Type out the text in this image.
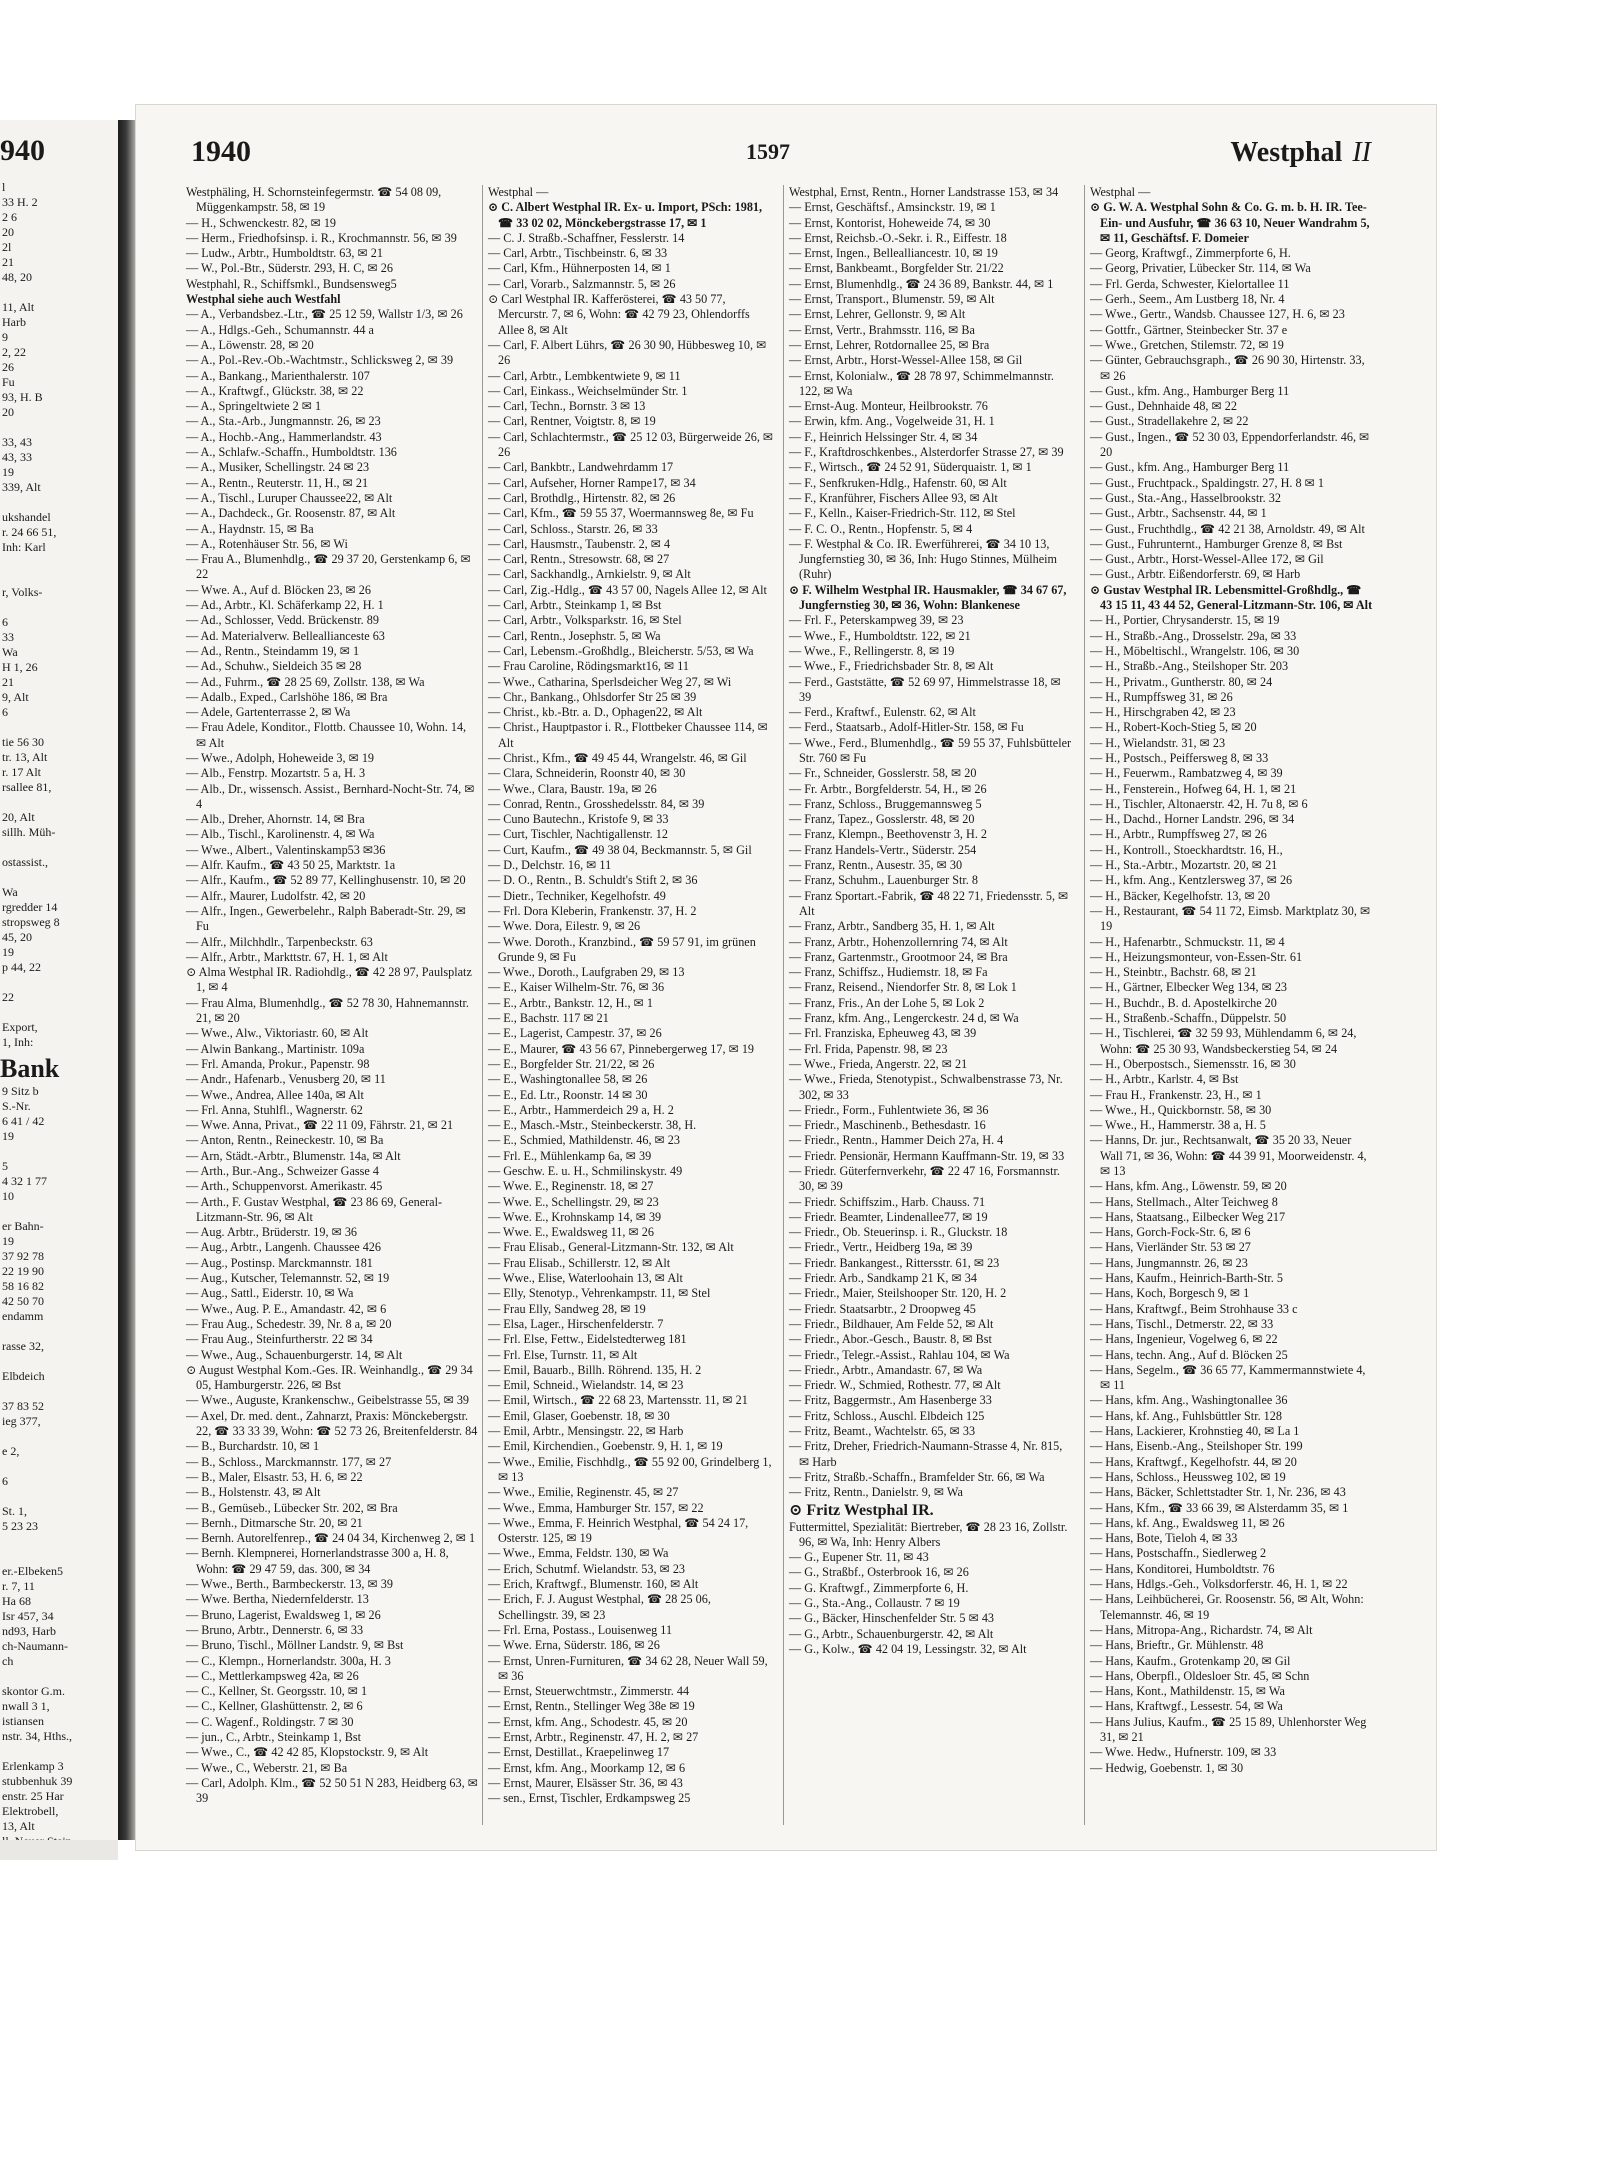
940
l
33 H. 2
2 6
20
2l
21
48, 20
11, Alt
Harb
9
2, 22
26
Fu
93, H. B
20
33, 43
43, 33
19
339, Alt
ukshandel
r. 24 66 51,
Inh: Karl
r, Volks-
6
33
Wa
H 1, 26
21
9, Alt
6
tie 56 30
tr. 13, Alt
r. 17 Alt
rsallee 81,
20, Alt
sillh. Müh-
ostassist.,
Wa
rgredder 14
stropsweg 8
45, 20
19
p 44, 22
22
Export,
1, Inh:
Bank
9 Sitz b
S.-Nr.
6 41 / 42
19
5
4 32 1 77
10
er Bahn-
19
37 92 78
22 19 90
58 16 82
42 50 70
endamm
rasse 32,
Elbdeich
37 83 52
ieg 377,
e 2,
6
St. 1,
5 23 23
er.-Elbeken5
r. 7, 11
Ha 68
Isr 457, 34
nd93, Harb
ch-Naumann-
ch
skontor G.m.
nwall 3 1,
istiansen
nstr. 34, Hths.,
Erlenkamp 3
stubbenhuk 39
enstr. 25 Har
Elektrobell,
13, Alt
1940	1597	Westphal II

Westphäling, H. Schornsteinfegermstr. ☎ 54 08 09, Müggenkampstr. 58, ✉ 19

— H., Schwenckestr. 82, ✉ 19

— Herm., Friedhofsinsp. i. R., Krochmannstr. 56, ✉ 39

— Ludw., Arbtr., Humboldtstr. 63, ✉ 21

— W., Pol.-Btr., Süderstr. 293, H. C, ✉ 26

Westphahl, R., Schiffsmkl., Bundsensweg5

Westphal siehe auch Westfahl

— A., Verbandsbez.-Ltr., ☎ 25 12 59, Wallstr 1/3, ✉ 26

— A., Hdlgs.-Geh., Schumannstr. 44 a

— A., Löwenstr. 28, ✉ 20

— A., Pol.-Rev.-Ob.-Wachtmstr., Schlicksweg 2, ✉ 39

— A., Bankang., Marienthalerstr. 107

— A., Kraftwgf., Glückstr. 38, ✉ 22

— A., Springeltwiete 2 ✉ 1

— A., Sta.-Arb., Jungmannstr. 26, ✉ 23

— A., Hochb.-Ang., Hammerlandstr. 43

— A., Schlafw.-Schaffn., Humboldtstr. 136

— A., Musiker, Schellingstr. 24 ✉ 23

— A., Rentn., Reuterstr. 11, H., ✉ 21

— A., Tischl., Luruper Chaussee22, ✉ Alt

— A., Dachdeck., Gr. Roosenstr. 87, ✉ Alt

— A., Haydnstr. 15, ✉ Ba

— A., Rotenhäuser Str. 56, ✉ Wi

— Frau A., Blumenhdlg., ☎ 29 37 20, Gerstenkamp 6, ✉ 22

— Wwe. A., Auf d. Blöcken 23, ✉ 26

— Ad., Arbtr., Kl. Schäferkamp 22, H. 1

— Ad., Schlosser, Vedd. Brückenstr. 89

— Ad. Materialverw. Belleallianceste 63

— Ad., Rentn., Steindamm 19, ✉ 1

— Ad., Schuhw., Sieldeich 35 ✉ 28

— Ad., Fuhrm., ☎ 28 25 69, Zollstr. 138, ✉ Wa

— Adalb., Exped., Carlshöhe 186, ✉ Bra

— Adele, Gartenterrasse 2, ✉ Wa

— Frau Adele, Konditor., Flottb. Chaussee 10, Wohn. 14, ✉ Alt

— Wwe., Adolph, Hoheweide 3, ✉ 19

— Alb., Fenstrp. Mozartstr. 5 a, H. 3

— Alb., Dr., wissensch. Assist., Bernhard-Nocht-Str. 74, ✉ 4

— Alb., Dreher, Ahornstr. 14, ✉ Bra

— Alb., Tischl., Karolinenstr. 4, ✉ Wa

— Wwe., Albert., Valentinskamp53 ✉36

— Alfr. Kaufm., ☎ 43 50 25, Marktstr. 1a

— Alfr., Kaufm., ☎ 52 89 77, Kellinghusenstr. 10, ✉ 20

— Alfr., Maurer, Ludolfstr. 42, ✉ 20

— Alfr., Ingen., Gewerbelehr., Ralph Baberadt-Str. 29, ✉ Fu

— Alfr., Milchhdlr., Tarpenbeckstr. 63

— Alfr., Arbtr., Markttstr. 67, H. 1, ✉ Alt

⊙ Alma Westphal IR. Radiohdlg., ☎ 42 28 97, Paulsplatz 1, ✉ 4

— Frau Alma, Blumenhdlg., ☎ 52 78 30, Hahnemannstr. 21, ✉ 20

— Wwe., Alw., Viktoriastr. 60, ✉ Alt

— Alwin Bankang., Martinistr. 109a

— Frl. Amanda, Prokur., Papenstr. 98

— Andr., Hafenarb., Venusberg 20, ✉ 11

— Wwe., Andrea, Allee 140a, ✉ Alt

— Frl. Anna, Stuhlfl., Wagnerstr. 62

— Wwe. Anna, Privat., ☎ 22 11 09, Fährstr. 21, ✉ 21

— Anton, Rentn., Reineckestr. 10, ✉ Ba

— Arn, Städt.-Arbtr., Blumenstr. 14a, ✉ Alt

— Arth., Bur.-Ang., Schweizer Gasse 4

— Arth., Schuppenvorst. Amerikastr. 45

— Arth., F. Gustav Westphal, ☎ 23 86 69, General-Litzmann-Str. 96, ✉ Alt

— Aug. Arbtr., Brüderstr. 19, ✉ 36

— Aug., Arbtr., Langenh. Chaussee 426

— Aug., Postinsp. Marckmannstr. 181

— Aug., Kutscher, Telemannstr. 52, ✉ 19

— Aug., Sattl., Eiderstr. 10, ✉ Wa

— Wwe., Aug. P. E., Amandastr. 42, ✉ 6

— Frau Aug., Schedestr. 39, Nr. 8 a, ✉ 20

— Frau Aug., Steinfurtherstr. 22 ✉ 34

— Wwe., Aug., Schauenburgerstr. 14, ✉ Alt

⊙ August Westphal Kom.-Ges. IR. Weinhandlg., ☎ 29 34 05, Hamburgerstr. 226, ✉ Bst

— Wwe., Auguste, Krankenschw., Geibelstrasse 55, ✉ 39

— Axel, Dr. med. dent., Zahnarzt, Praxis: Mönckebergstr. 22, ☎ 33 33 39, Wohn: ☎ 52 73 26, Breitenfelderstr. 84

— B., Burchardstr. 10, ✉ 1

— B., Schloss., Marckmannstr. 177, ✉ 27

— B., Maler, Elsastr. 53, H. 6, ✉ 22

— B., Holstenstr. 43, ✉ Alt

— B., Gemüseb., Lübecker Str. 202, ✉ Bra

— Bernh., Ditmarsche Str. 20, ✉ 21

— Bernh. Autorelfenrep., ☎ 24 04 34, Kirchenweg 2, ✉ 1

— Bernh. Klempnerei, Hornerlandstrasse 300 a, H. 8, Wohn: ☎ 29 47 59, das. 300, ✉ 34

— Wwe., Berth., Barmbeckerstr. 13, ✉ 39

— Wwe. Bertha, Niedernfelderstr. 13

— Bruno, Lagerist, Ewaldsweg 1, ✉ 26

— Bruno, Arbtr., Dennerstr. 6, ✉ 33

— Bruno, Tischl., Möllner Landstr. 9, ✉ Bst

— C., Klempn., Hornerlandstr. 300a, H. 3

— C., Mettlerkampsweg 42a, ✉ 26

— C., Kellner, St. Georgsstr. 10, ✉ 1

— C., Kellner, Glashüttenstr. 2, ✉ 6

— C. Wagenf., Roldingstr. 7 ✉ 30

— jun., C., Arbtr., Steinkamp 1, Bst

— Wwe., C., ☎ 42 42 85, Klopstockstr. 9, ✉ Alt

— Wwe., C., Weberstr. 21, ✉ Ba

— Carl, Adolph. Klm., ☎ 52 50 51 N 283, Heidberg 63, ✉ 39

Westphal —

⊙ C. Albert Westphal IR. Ex- u. Import, PSch: 1981, ☎ 33 02 02, Mönckebergstrasse 17, ✉ 1

— C. J. Straßb.-Schaffner, Fesslerstr. 14

— Carl, Arbtr., Tischbeinstr. 6, ✉ 33

— Carl, Kfm., Hühnerposten 14, ✉ 1

— Carl, Vorarb., Salzmannstr. 5, ✉ 26

⊙ Carl Westphal IR. Kafferösterei, ☎ 43 50 77, Mercurstr. 7, ✉ 6, Wohn: ☎ 42 79 23, Ohlendorffs Allee 8, ✉ Alt

— Carl, F. Albert Lührs, ☎ 26 30 90, Hübbesweg 10, ✉ 26

— Carl, Arbtr., Lembkentwiete 9, ✉ 11

— Carl, Einkass., Weichselmünder Str. 1

— Carl, Techn., Bornstr. 3 ✉ 13

— Carl, Rentner, Voigtstr. 8, ✉ 19

— Carl, Schlachtermstr., ☎ 25 12 03, Bürgerweide 26, ✉ 26

— Carl, Bankbtr., Landwehrdamm 17

— Carl, Aufseher, Horner Rampe17, ✉ 34

— Carl, Brothdlg., Hirtenstr. 82, ✉ 26

— Carl, Kfm., ☎ 59 55 37, Woermannsweg 8e, ✉ Fu

— Carl, Schloss., Starstr. 26, ✉ 33

— Carl, Hausmstr., Taubenstr. 2, ✉ 4

— Carl, Rentn., Stresowstr. 68, ✉ 27

— Carl, Sackhandlg., Arnkielstr. 9, ✉ Alt

— Carl, Zig.-Hdlg., ☎ 43 57 00, Nagels Allee 12, ✉ Alt

— Carl, Arbtr., Steinkamp 1, ✉ Bst

— Carl, Arbtr., Volksparkstr. 16, ✉ Stel

— Carl, Rentn., Josephstr. 5, ✉ Wa

— Carl, Lebensm.-Großhdlg., Bleicherstr. 5/53, ✉ Wa

— Frau Caroline, Rödingsmarkt16, ✉ 11

— Wwe., Catharina, Sperlsdeicher Weg 27, ✉ Wi

— Chr., Bankang., Ohlsdorfer Str 25 ✉ 39

— Christ., kb.-Btr. a. D., Ophagen22, ✉ Alt

— Christ., Hauptpastor i. R., Flottbeker Chaussee 114, ✉ Alt

— Christ., Kfm., ☎ 49 45 44, Wrangelstr. 46, ✉ Gil

— Clara, Schneiderin, Roonstr 40, ✉ 30

— Wwe., Clara, Baustr. 19a, ✉ 26

— Conrad, Rentn., Grosshedelsstr. 84, ✉ 39

— Cuno Bautechn., Kristofe 9, ✉ 33

— Curt, Tischler, Nachtigallenstr. 12

— Curt, Kaufm., ☎ 49 38 04, Beckmannstr. 5, ✉ Gil

— D., Delchstr. 16, ✉ 11

— D. O., Rentn., B. Schuldt's Stift 2, ✉ 36

— Dietr., Techniker, Kegelhofstr. 49

— Frl. Dora Kleberin, Frankenstr. 37, H. 2

— Wwe. Dora, Eilestr. 9, ✉ 26

— Wwe. Doroth., Kranzbind., ☎ 59 57 91, im grünen Grunde 9, ✉ Fu

— Wwe., Doroth., Laufgraben 29, ✉ 13

— E., Kaiser Wilhelm-Str. 76, ✉ 36

— E., Arbtr., Bankstr. 12, H., ✉ 1

— E., Bachstr. 117 ✉ 21

— E., Lagerist, Campestr. 37, ✉ 26

— E., Maurer, ☎ 43 56 67, Pinnebergerweg 17, ✉ 19

— E., Borgfelder Str. 21/22, ✉ 26

— E., Washingtonallee 58, ✉ 26

— E., Ed. Ltr., Roonstr. 14 ✉ 30

— E., Arbtr., Hammerdeich 29 a, H. 2

— E., Masch.-Mstr., Steinbeckerstr. 38, H.

— E., Schmied, Mathildenstr. 46, ✉ 23

— Frl. E., Mühlenkamp 6a, ✉ 39

— Geschw. E. u. H., Schmilinskystr. 49

— Wwe. E., Reginenstr. 18, ✉ 27

— Wwe. E., Schellingstr. 29, ✉ 23

— Wwe. E., Krohnskamp 14, ✉ 39

— Wwe. E., Ewaldsweg 11, ✉ 26

— Frau Elisab., General-Litzmann-Str. 132, ✉ Alt

— Frau Elisab., Schillerstr. 12, ✉ Alt

— Wwe., Elise, Waterloohain 13, ✉ Alt

— Elly, Stenotyp., Vehrenkampstr. 11, ✉ Stel

— Frau Elly, Sandweg 28, ✉ 19

— Elsa, Lager., Hirschenfelderstr. 7

— Frl. Else, Fettw., Eidelstedterweg 181

— Frl. Else, Turnstr. 11, ✉ Alt

— Emil, Bauarb., Billh. Röhrend. 135, H. 2

— Emil, Schneid., Wielandstr. 14, ✉ 23

— Emil, Wirtsch., ☎ 22 68 23, Martensstr. 11, ✉ 21

— Emil, Glaser, Goebenstr. 18, ✉ 30

— Emil, Arbtr., Mensingstr. 22, ✉ Harb

— Emil, Kirchendien., Goebenstr. 9, H. 1, ✉ 19

— Wwe., Emilie, Fischhdlg., ☎ 55 92 00, Grindelberg 1, ✉ 13

— Wwe., Emilie, Reginenstr. 45, ✉ 27

— Wwe., Emma, Hamburger Str. 157, ✉ 22

— Wwe., Emma, F. Heinrich Westphal, ☎ 54 24 17, Osterstr. 125, ✉ 19

— Wwe., Emma, Feldstr. 130, ✉ Wa

— Erich, Schutmf. Wielandstr. 53, ✉ 23

— Erich, Kraftwgf., Blumenstr. 160, ✉ Alt

— Erich, F. J. August Westphal, ☎ 28 25 06, Schellingstr. 39, ✉ 23

— Frl. Erna, Postass., Louisenweg 11

— Wwe. Erna, Süderstr. 186, ✉ 26

— Ernst, Unren-Furnituren, ☎ 34 62 28, Neuer Wall 59, ✉ 36

— Ernst, Steuerwchtmstr., Zimmerstr. 44

— Ernst, Rentn., Stellinger Weg 38e ✉ 19

— Ernst, kfm. Ang., Schodestr. 45, ✉ 20

— Ernst, Arbtr., Reginenstr. 47, H. 2, ✉ 27

— Ernst, Destillat., Kraepelinweg 17

— Ernst, kfm. Ang., Moorkamp 12, ✉ 6

— Ernst, Maurer, Elsässer Str. 36, ✉ 43

— sen., Ernst, Tischler, Erdkampsweg 25

Westphal, Ernst, Rentn., Horner Landstrasse 153, ✉ 34

— Ernst, Geschäftsf., Amsinckstr. 19, ✉ 1

— Ernst, Kontorist, Hoheweide 74, ✉ 30

— Ernst, Reichsb.-O.-Sekr. i. R., Eiffestr. 18

— Ernst, Ingen., Bellealliancestr. 10, ✉ 19

— Ernst, Bankbeamt., Borgfelder Str. 21/22

— Ernst, Blumenhdlg., ☎ 24 36 89, Bankstr. 44, ✉ 1

— Ernst, Transport., Blumenstr. 59, ✉ Alt

— Ernst, Lehrer, Gellonstr. 9, ✉ Alt

— Ernst, Vertr., Brahmsstr. 116, ✉ Ba

— Ernst, Lehrer, Rotdornallee 25, ✉ Bra

— Ernst, Arbtr., Horst-Wessel-Allee 158, ✉ Gil

— Ernst, Kolonialw., ☎ 28 78 97, Schimmelmannstr. 122, ✉ Wa

— Ernst-Aug. Monteur, Heilbrookstr. 76

— Erwin, kfm. Ang., Vogelweide 31, H. 1

— F., Heinrich Helssinger Str. 4, ✉ 34

— F., Kraftdroschkenbes., Alsterdorfer Strasse 27, ✉ 39

— F., Wirtsch., ☎ 24 52 91, Süderquaistr. 1, ✉ 1

— F., Senfkruken-Hdlg., Hafenstr. 60, ✉ Alt

— F., Kranführer, Fischers Allee 93, ✉ Alt

— F., Kelln., Kaiser-Friedrich-Str. 112, ✉ Stel

— F. C. O., Rentn., Hopfenstr. 5, ✉ 4

— F. Westphal & Co. IR. Ewerführerei, ☎ 34 10 13, Jungfernstieg 30, ✉ 36, Inh: Hugo Stinnes, Mülheim (Ruhr)

⊙ F. Wilhelm Westphal IR. Hausmakler, ☎ 34 67 67, Jungfernstieg 30, ✉ 36, Wohn: Blankenese

— Frl. F., Peterskampweg 39, ✉ 23

— Wwe., F., Humboldtstr. 122, ✉ 21

— Wwe., F., Rellingerstr. 8, ✉ 19

— Wwe., F., Friedrichsbader Str. 8, ✉ Alt

— Ferd., Gaststätte, ☎ 52 69 97, Himmelstrasse 18, ✉ 39

— Ferd., Kraftwf., Eulenstr. 62, ✉ Alt

— Ferd., Staatsarb., Adolf-Hitler-Str. 158, ✉ Fu

— Wwe., Ferd., Blumenhdlg., ☎ 59 55 37, Fuhlsbütteler Str. 760 ✉ Fu

— Fr., Schneider, Gosslerstr. 58, ✉ 20

— Fr. Arbtr., Borgfelderstr. 54, H., ✉ 26

— Franz, Schloss., Bruggemannsweg 5

— Franz, Tapez., Gosslerstr. 48, ✉ 20

— Franz, Klempn., Beethovenstr 3, H. 2

— Franz Handels-Vertr., Süderstr. 254

— Franz, Rentn., Ausestr. 35, ✉ 30

— Franz, Schuhm., Lauenburger Str. 8

— Franz Sportart.-Fabrik, ☎ 48 22 71, Friedensstr. 5, ✉ Alt

— Franz, Arbtr., Sandberg 35, H. 1, ✉ Alt

— Franz, Arbtr., Hohenzollernring 74, ✉ Alt

— Franz, Gartenmstr., Grootmoor 24, ✉ Bra

— Franz, Schiffsz., Hudiemstr. 18, ✉ Fa

— Franz, Reisend., Niendorfer Str. 8, ✉ Lok 1

— Franz, Fris., An der Lohe 5, ✉ Lok 2

— Franz, kfm. Ang., Lengerckestr. 24 d, ✉ Wa

— Frl. Franziska, Epheuweg 43, ✉ 39

— Frl. Frida, Papenstr. 98, ✉ 23

— Wwe., Frieda, Angerstr. 22, ✉ 21

— Wwe., Frieda, Stenotypist., Schwalbenstrasse 73, Nr. 302, ✉ 33

— Friedr., Form., Fuhlentwiete 36, ✉ 36

— Friedr., Maschinenb., Bethesdastr. 16

— Friedr., Rentn., Hammer Deich 27a, H. 4

— Friedr. Pensionär, Hermann Kauffmann-Str. 19, ✉ 33

— Friedr. Güterfernverkehr, ☎ 22 47 16, Forsmannstr. 30, ✉ 39

— Friedr. Schiffszim., Harb. Chauss. 71

— Friedr. Beamter, Lindenallee77, ✉ 19

— Friedr., Ob. Steuerinsp. i. R., Gluckstr. 18

— Friedr., Vertr., Heidberg 19a, ✉ 39

— Friedr. Bankangest., Rittersstr. 61, ✉ 23

— Friedr. Arb., Sandkamp 21 K, ✉ 34

— Friedr., Maier, Steilshooper Str. 120, H. 2

— Friedr. Staatsarbtr., 2 Droopweg 45

— Friedr., Bildhauer, Am Felde 52, ✉ Alt

— Friedr., Abor.-Gesch., Baustr. 8, ✉ Bst

— Friedr., Telegr.-Assist., Rahlau 104, ✉ Wa

— Friedr., Arbtr., Amandastr. 67, ✉ Wa

— Friedr. W., Schmied, Rothestr. 77, ✉ Alt

— Fritz, Baggermstr., Am Hasenberge 33

— Fritz, Schloss., Auschl. Elbdeich 125

— Fritz, Beamt., Wachtelstr. 65, ✉ 33

— Fritz, Dreher, Friedrich-Naumann-Strasse 4, Nr. 815, ✉ Harb

— Fritz, Straßb.-Schaffn., Bramfelder Str. 66, ✉ Wa

— Fritz, Rentn., Danielstr. 9, ✉ Wa

⊙ Fritz Westphal IR.

Futtermittel, Spezialität: Biertreber, ☎ 28 23 16, Zollstr. 96, ✉ Wa, Inh: Henry Albers

— G., Eupener Str. 11, ✉ 43

— G., Straßbf., Osterbrook 16, ✉ 26

— G. Kraftwgf., Zimmerpforte 6, H.

— G., Sta.-Ang., Collaustr. 7 ✉ 19

— G., Bäcker, Hinschenfelder Str. 5 ✉ 43

— G., Arbtr., Schauenburgerstr. 42, ✉ Alt

— G., Kolw., ☎ 42 04 19, Lessingstr. 32, ✉ Alt

Westphal —

⊙ G. W. A. Westphal Sohn & Co. G. m. b. H. IR. Tee-Ein- und Ausfuhr, ☎ 36 63 10, Neuer Wandrahm 5, ✉ 11, Geschäftsf. F. Domeier

— Georg, Kraftwgf., Zimmerpforte 6, H.

— Georg, Privatier, Lübecker Str. 114, ✉ Wa

— Frl. Gerda, Schwester, Kielortallee 11

— Gerh., Seem., Am Lustberg 18, Nr. 4

— Wwe., Gertr., Wandsb. Chaussee 127, H. 6, ✉ 23

— Gottfr., Gärtner, Steinbecker Str. 37 e

— Wwe., Gretchen, Stilemstr. 72, ✉ 19

— Günter, Gebrauchsgraph., ☎ 26 90 30, Hirtenstr. 33, ✉ 26

— Gust., kfm. Ang., Hamburger Berg 11

— Gust., Dehnhaide 48, ✉ 22

— Gust., Stradellakehre 2, ✉ 22

— Gust., Ingen., ☎ 52 30 03, Eppendorferlandstr. 46, ✉ 20

— Gust., kfm. Ang., Hamburger Berg 11

— Gust., Fruchtpack., Spaldingstr. 27, H. 8 ✉ 1

— Gust., Sta.-Ang., Hasselbrookstr. 32

— Gust., Arbtr., Sachsenstr. 44, ✉ 1

— Gust., Fruchthdlg., ☎ 42 21 38, Arnoldstr. 49, ✉ Alt

— Gust., Fuhrunternt., Hamburger Grenze 8, ✉ Bst

— Gust., Arbtr., Horst-Wessel-Allee 172, ✉ Gil

— Gust., Arbtr. Eißendorferstr. 69, ✉ Harb

⊙ Gustav Westphal IR. Lebensmittel-Großhdlg., ☎ 43 15 11, 43 44 52, General-Litzmann-Str. 106, ✉ Alt

— H., Portier, Chrysanderstr. 15, ✉ 19

— H., Straßb.-Ang., Drosselstr. 29a, ✉ 33

— H., Möbeltischl., Wrangelstr. 106, ✉ 30

— H., Straßb.-Ang., Steilshoper Str. 203

— H., Privatm., Guntherstr. 80, ✉ 24

— H., Rumpffsweg 31, ✉ 26

— H., Hirschgraben 42, ✉ 23

— H., Robert-Koch-Stieg 5, ✉ 20

— H., Wielandstr. 31, ✉ 23

— H., Postsch., Peiffersweg 8, ✉ 33

— H., Feuerwm., Rambatzweg 4, ✉ 39

— H., Fensterein., Hofweg 64, H. 1, ✉ 21

— H., Tischler, Altonaerstr. 42, H. 7u 8, ✉ 6

— H., Dachd., Horner Landstr. 296, ✉ 34

— H., Arbtr., Rumpffsweg 27, ✉ 26

— H., Kontroll., Stoeckhardtstr. 16, H.,

— H., Sta.-Arbtr., Mozartstr. 20, ✉ 21

— H., kfm. Ang., Kentzlersweg 37, ✉ 26

— H., Bäcker, Kegelhofstr. 13, ✉ 20

— H., Restaurant, ☎ 54 11 72, Eimsb. Marktplatz 30, ✉ 19

— H., Hafenarbtr., Schmuckstr. 11, ✉ 4

— H., Heizungsmonteur, von-Essen-Str. 61

— H., Steinbtr., Bachstr. 68, ✉ 21

— H., Gärtner, Elbecker Weg 134, ✉ 23

— H., Buchdr., B. d. Apostelkirche 20

— H., Straßenb.-Schaffn., Düppelstr. 50

— H., Tischlerei, ☎ 32 59 93, Mühlendamm 6, ✉ 24, Wohn: ☎ 25 30 93, Wandsbeckerstieg 54, ✉ 24

— H., Oberpostsch., Siemensstr. 16, ✉ 30

— H., Arbtr., Karlstr. 4, ✉ Bst

— Frau H., Frankenstr. 23, H., ✉ 1

— Wwe., H., Quickbornstr. 58, ✉ 30

— Wwe., H., Hammerstr. 38 a, H. 5

— Hanns, Dr. jur., Rechtsanwalt, ☎ 35 20 33, Neuer Wall 71, ✉ 36, Wohn: ☎ 44 39 91, Moorweidenstr. 4, ✉ 13

— Hans, kfm. Ang., Löwenstr. 59, ✉ 20

— Hans, Stellmach., Alter Teichweg 8

— Hans, Staatsang., Eilbecker Weg 217

— Hans, Gorch-Fock-Str. 6, ✉ 6

— Hans, Vierländer Str. 53 ✉ 27

— Hans, Jungmannstr. 26, ✉ 23

— Hans, Kaufm., Heinrich-Barth-Str. 5

— Hans, Koch, Borgesch 9, ✉ 1

— Hans, Kraftwgf., Beim Strohhause 33 c

— Hans, Tischl., Detmerstr. 22, ✉ 33

— Hans, Ingenieur, Vogelweg 6, ✉ 22

— Hans, techn. Ang., Auf d. Blöcken 25

— Hans, Segelm., ☎ 36 65 77, Kammermannstwiete 4, ✉ 11

— Hans, kfm. Ang., Washingtonallee 36

— Hans, kf. Ang., Fuhlsbüttler Str. 128

— Hans, Lackierer, Krohnstieg 40, ✉ La 1

— Hans, Eisenb.-Ang., Steilshoper Str. 199

— Hans, Kraftwgf., Kegelhofstr. 44, ✉ 20

— Hans, Schloss., Heussweg 102, ✉ 19

— Hans, Bäcker, Schlettstadter Str. 1, Nr. 236, ✉ 43

— Hans, Kfm., ☎ 33 66 39, ✉ Alsterdamm 35, ✉ 1

— Hans, kf. Ang., Ewaldsweg 11, ✉ 26

— Hans, Bote, Tieloh 4, ✉ 33

— Hans, Postschaffn., Siedlerweg 2

— Hans, Konditorei, Humboldtstr. 76

— Hans, Hdlgs.-Geh., Volksdorferstr. 46, H. 1, ✉ 22

— Hans, Leihbücherei, Gr. Roosenstr. 56, ✉ Alt, Wohn: Telemannstr. 46, ✉ 19

— Hans, Mitropa-Ang., Richardstr. 74, ✉ Alt

— Hans, Brieftr., Gr. Mühlenstr. 48

— Hans, Kaufm., Grotenkamp 20, ✉ Gil

— Hans, Oberpfl., Oldesloer Str. 45, ✉ Schn

— Hans, Kont., Mathildenstr. 15, ✉ Wa

— Hans, Kraftwgf., Lessestr. 54, ✉ Wa

— Hans Julius, Kaufm., ☎ 25 15 89, Uhlenhorster Weg 31, ✉ 21

— Wwe. Hedw., Hufnerstr. 109, ✉ 33

— Hedwig, Goebenstr. 1, ✉ 30
